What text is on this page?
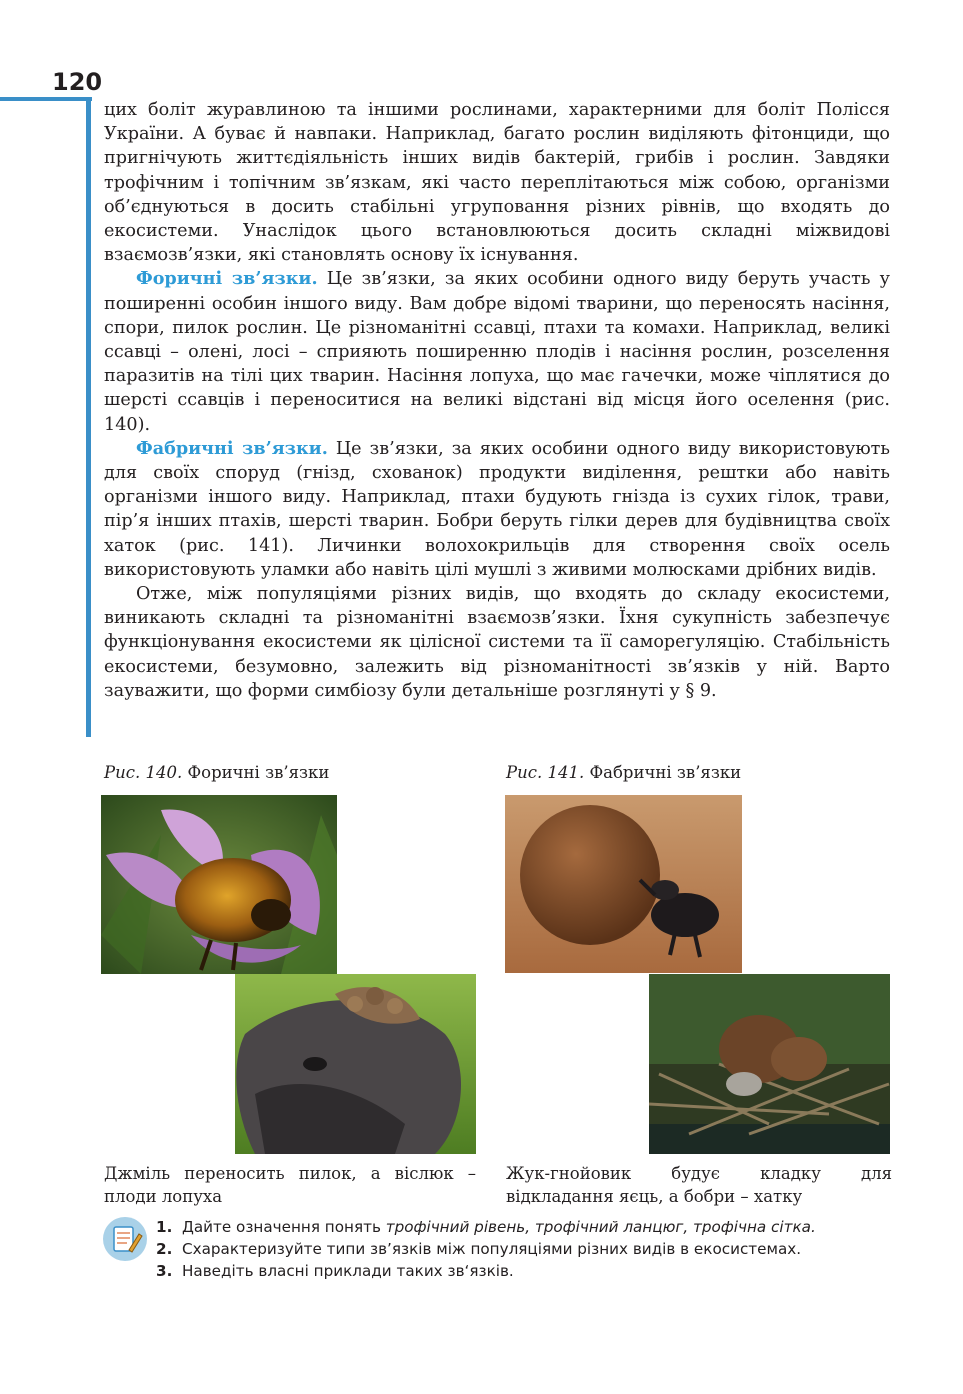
120

цих боліт журавлиною та іншими рослинами, характерними для боліт Полісся України. А буває й навпаки. Наприклад, багато рослин виділяють фітонциди, що пригнічують життєдіяльність інших видів бактерій, грибів і рослин. Завдяки трофічним і топічним зв’язкам, які часто переплітаються між собою, організми об’єднуються в досить стабільні угруповання різних рівнів, що входять до екосистеми. Унаслідок цього встановлюються досить складні міжвидові взаємозв’язки, які становлять основу їх існування.

Форичні зв’язки. Це зв’язки, за яких особини одного виду беруть участь у поширенні особин іншого виду. Вам добре відомі тварини, що переносять насіння, спори, пилок рослин. Це різноманітні ссавці, птахи та комахи. Наприклад, великі ссавці – олені, лосі – сприяють поширенню плодів і насіння рослин, розселення паразитів на тілі цих тварин. Насіння лопуха, що має гачечки, може чіплятися до шерсті ссавців і переноситися на великі відстані від місця його оселення (рис. 140).

Фабричні зв’язки. Це зв’язки, за яких особини одного виду використовують для своїх споруд (гнізд, схованок) продукти виділення, рештки або навіть організми іншого виду. Наприклад, птахи будують гнізда із сухих гілок, трави, пір’я інших птахів, шерсті тварин. Бобри беруть гілки дерев для будівництва своїх хаток (рис. 141). Личинки волохокрильців для створення своїх осель використовують уламки або навіть цілі мушлі з живими молюсками дрібних видів.

Отже, між популяціями різних видів, що входять до складу екосистеми, виникають складні та різноманітні взаємозв’язки. Їхня сукупність забезпечує функціонування екосистеми як цілісної системи та її саморегуляцію. Стабільність екосистеми, безумовно, залежить від різноманітності зв’язків у ній. Варто зауважити, що форми симбіозу були детальніше розглянуті у § 9.

Рис. 140. Форичні зв’язки
Джміль переносить пилок, а віслюк – плоди лопуха
Рис. 141. Фабричні зв’язки
Жук-гнойовик будує кладку для відкладання яєць, а бобри – хатку
1. Дайте означення понять трофічний рівень, трофічний ланцюг, трофічна сітка.
2. Схарактеризуйте типи зв’язків між популяціями різних видів в екосистемах.
3. Наведіть власні приклади таких зв‘язків.
